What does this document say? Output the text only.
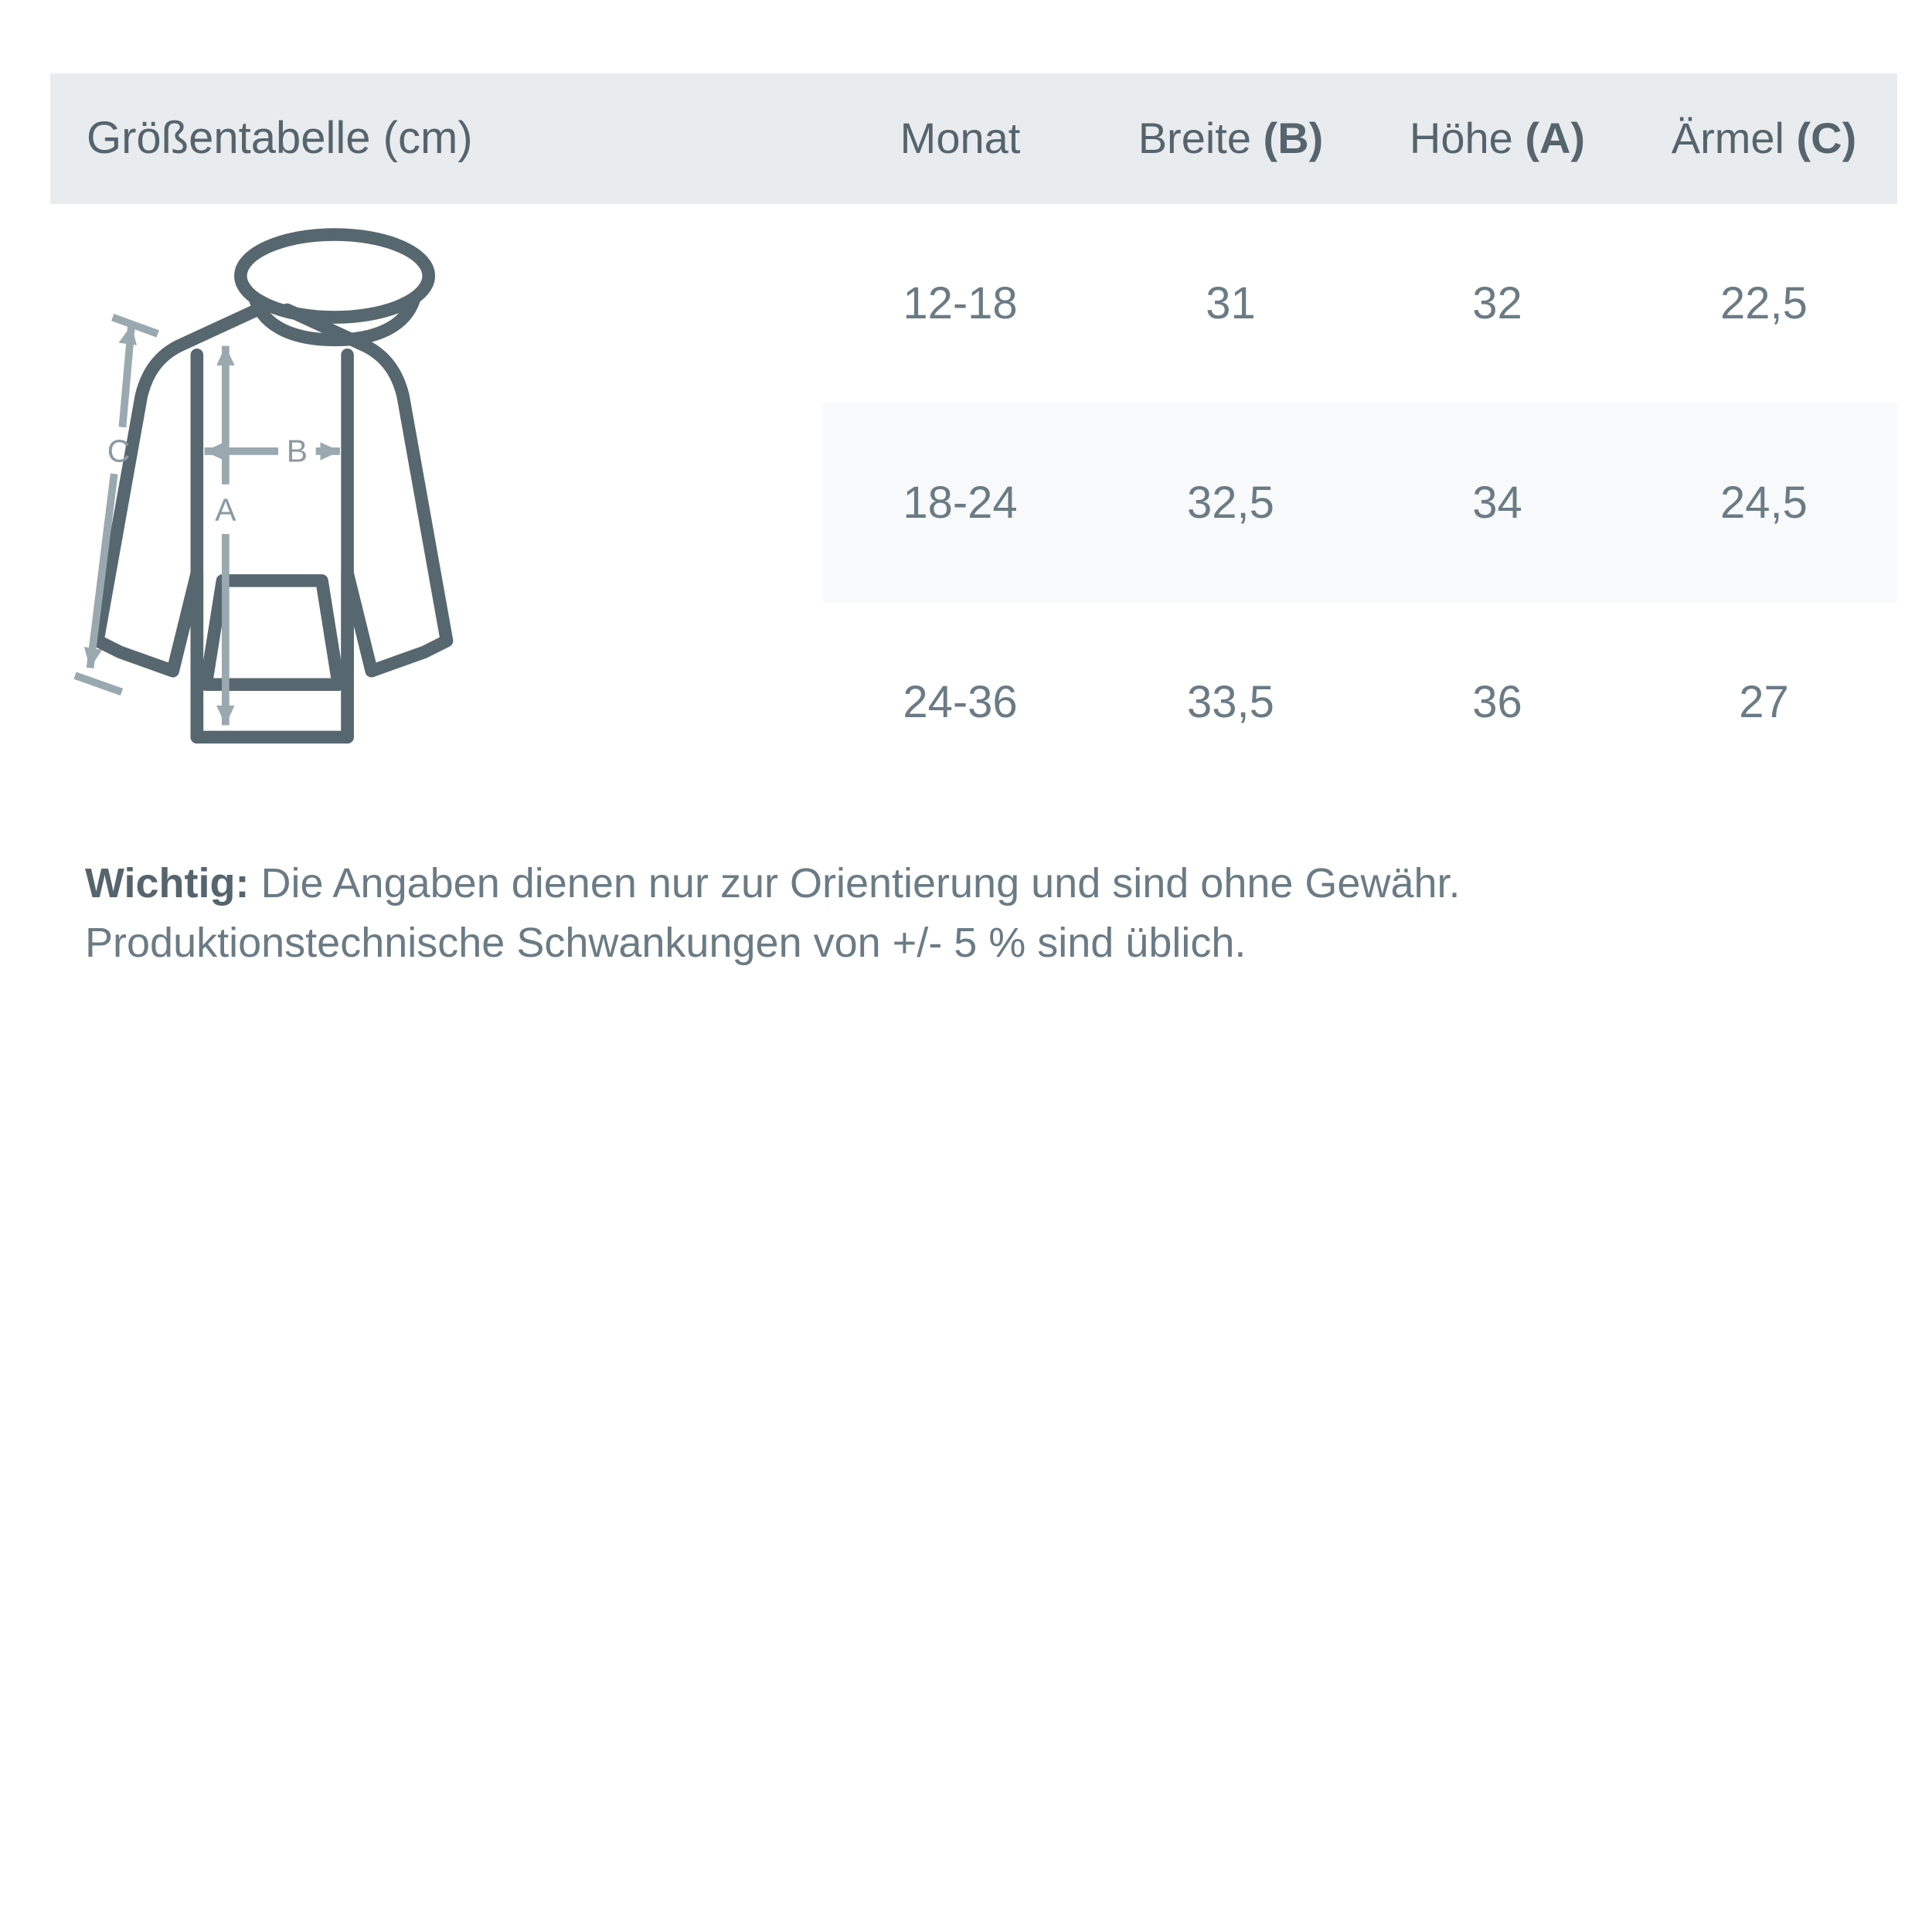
Größentabelle (cm)	Monat	Breite (B)	Höhe (A)	Ärmel (C)

B
A
C	12-18	31	32	22,5
	18-24	32,5	34	24,5
	24-36	33,5	36	27
Wichtig: Die Angaben dienen nur zur Orientierung und sind ohne Gewähr. Produktionstechnische Schwankungen von +/- 5 % sind üblich.
